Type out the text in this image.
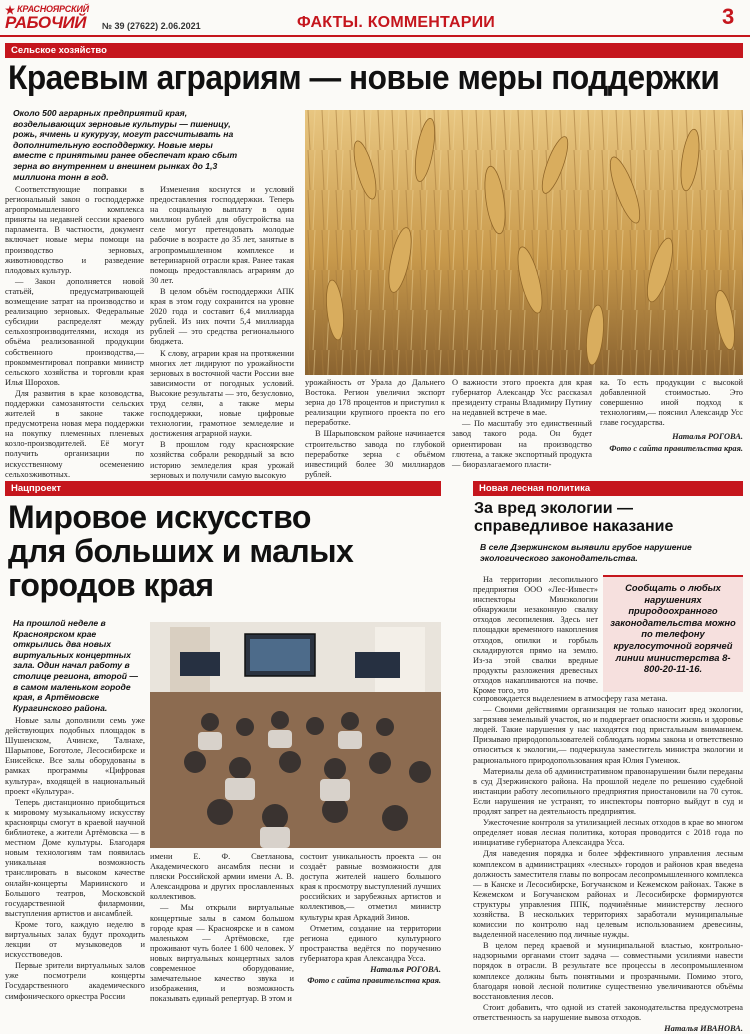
КРАСНОЯРСКИЙ
РАБОЧИЙ № 39 (27622) 2.06.2021	ФАКТЫ. КОММЕНТАРИИ	3
Сельское хозяйство
Краевым аграриям — новые меры поддержки

Около 500 аграрных предприятий края, возделывающих зерновые культуры — пшеницу, рожь, ячмень и кукурузу, могут рассчитывать на дополнительную господдержку. Новые меры вместе с принятыми ранее обеспечат краю сбыт зерна во внутреннем и внешнем рынках до 1,3 миллиона тонн в год.

Соответствующие поправки в региональный закон о господдержке агропромышленного комплекса приняты на недавней сессии краевого парламента. В частности, документ включает новые меры помощи на производство зерновых, животноводство и разведение плодовых культур.

— Закон дополняется новой статьёй, предусматривающей возмещение затрат на производство и реализацию зерновых. Федеральные субсидии распределят между сельхозпроизводителями, исходя из объёма реализованной продукции собственного производства,— прокомментировал поправки министр сельского хозяйства и торговли края Илья Шорохов.

Для развития в крае козоводства, поддержки самозанятости сельских жителей в законе также предусмотрена новая мера поддержки на покупку племенных пленевых козло-производителей. Её могут получить организации по искусственному осеменению сельхозживотных.

Изменения коснутся и условий предоставления господдержки. Теперь на социальную выплату в один миллион рублей для обустройства на селе могут претендовать молодые рабочие в возрасте до 35 лет, занятые в агропромышленном комплексе и ветеринарной отрасли края. Ранее такая помощь предоставлялась аграриям до 30 лет.

В целом объём господдержки АПК края в этом году сохранится на уровне 2020 года и составит 6,4 миллиарда рублей. Из них почти 5,4 миллиарда рублей — это средства регионального бюджета.

К слову, аграрии края на протяжении многих лет лидируют по урожайности зерновых в восточной части России вне зависимости от погодных условий. Высокие результаты — это, безусловно, труд селян, а также меры господдержки, новые цифровые технологии, грамотное земледелие и достижения аграрной науки.

В прошлом году красноярские хозяйства собрали рекордный за всю историю земледелия края урожай зерновых и получили самую высокую

урожайность от Урала до Дальнего Востока. Регион увеличил экспорт зерна до 178 процентов и приступил к реализации крупного проекта по его переработке.

В Шарыповском районе начинается строительство завода по глубокой переработке зерна с объёмом инвестиций более 30 миллиардов рублей.

О важности этого проекта для края губернатор Александр Усс рассказал президенту страны Владимиру Путину на недавней встрече в мае.

— По масштабу это единственный завод такого рода. Он будет ориентирован на производство глютена, а также экспортный продукта — биоразлагаемого пласти-

ка. То есть продукции с высокой добавленной стоимостью. Это совершенно иной подход к технологиям,— пояснил Александр Усс главе государства.

Наталья РОГОВА.

Фото с сайта правительства края.

Нацпроект
Мировое искусство
для больших и малых
городов края

На прошлой неделе в Красноярском крае открылись два новых виртуальных концертных зала. Один начал работу в столице региона, второй — в самом маленьком городе края, в Артёмовске Курагинского района.

Новые залы дополнили семь уже действующих подобных площадок в Шушенском, Ачинске, Талнахе, Шарыпове, Боготоле, Лесосибирске и Енисейске. Все залы оборудованы в рамках программы «Цифровая культура», входящей в национальный проект «Культура».

Теперь дистанционно приобщиться к мировому музыкальному искусству красноярцы смогут в краевой научной библиотеке, а жители Артёмовска — в местном Доме культуры. Благодаря новым технологиям там появилась уникальная возможность транслировать в высоком качестве онлайн-концерты Мариинского и Большого театров, Московской государственной филармонии, выступления артистов и ансамблей.

Кроме того, каждую неделю в виртуальных залах будут проходить лекции от музыковедов и искусствоведов.

Первые зрители виртуальных залов уже посмотрели концерты Государственного академического симфонического оркестра России

имени Е. Ф. Светланова, Академического ансамбля песни и пляски Российской армии имени А. В. Александрова и других прославленных коллективов.

— Мы открыли виртуальные концертные залы в самом большом городе края — Красноярске и в самом маленьком — Артёмовске, где проживают чуть более 1 600 человек. У новых виртуальных концертных залов современное оборудование, замечательное качество звука и изображения, и возможность показывать единый репертуар. В этом и

состоит уникальность проекта — он создаёт равные возможности для доступа жителей нашего большого края к просмотру выступлений лучших российских и зарубежных артистов и коллективов,— отметил министр культуры края Аркадий Зинов.

Отметим, создание на территории региона единого культурного пространства ведётся по поручению губернатора края Александра Усса.

Наталья РОГОВА.

Фото с сайта правительства края.

Новая лесная политика
За вред экологии —
справедливое наказание

В селе Дзержинском выявили грубое нарушение экологического законодательства.

Сообщать о любых нарушениях природоохранного законодательства можно по телефону круглосуточной горячей линии министерства 8-800-20-11-16.

На территории лесопильного предприятия ООО «Лес-Инвест» инспекторы Минэкологии обнаружили незаконную свалку отходов лесопиления. Здесь нет площадки временного накопления отходов, опилки и горбыль складируются прямо на землю. Из-за этой свалки вредные продукты разложения древесных отходов накапливаются на почве. Кроме того, это

сопровождается выделением в атмосферу газа метана.

— Своими действиями организация не только наносит вред экологии, загрязняя земельный участок, но и подвергает опасности жизнь и здоровье людей. Такие нарушения у нас находятся под пристальным вниманием. Призываю природопользователей соблюдать нормы закона и ответственно относиться к экологии,— подчеркнула заместитель министра экологии и рационального природопользования края Юлия Гуменюк.

Материалы дела об административном правонарушении были переданы в суд Дзержинского района. На прошлой неделе по решению судебной инстанции работу лесопильного предприятия приостановили на 70 суток. Если нарушения не устранят, то инспекторы повторно выйдут в суд и продлят запрет на деятельность предприятия.

Ужесточение контроля за утилизацией лесных отходов в крае во многом определяет новая лесная политика, которая проводится с 2018 года по инициативе губернатора Александра Усса.

Для наведения порядка и более эффективного управления лесным комплексом в администрациях «лесных» городов и районов края введена должность заместителя главы по вопросам лесопромышленного комплекса — в Канске и Лесосибирске, Богучанском и Кежемском районах. Также в Кежемском и Богучанском районах и Лесосибирске формируются структуры управления ППК, подчинённые министерству лесного хозяйства. В нескольких территориях заработали муниципальные комиссии по контролю над целевым использованием древесины, выделенной населению под личные нужды.

В целом перед краевой и муниципальной властью, контрольно-надзорными органами стоит задача — совместными усилиями навести порядок в отрасли. В результате все процессы в лесопромышленном комплексе должны быть понятными и прозрачными. Помимо этого, благодаря новой лесной политике существенно увеличиваются объёмы восстановления лесов.

Стоит добавить, что одной из статей законодательства предусмотрена ответственность за нарушение вывоза отходов.

Наталья ИВАНОВА.
